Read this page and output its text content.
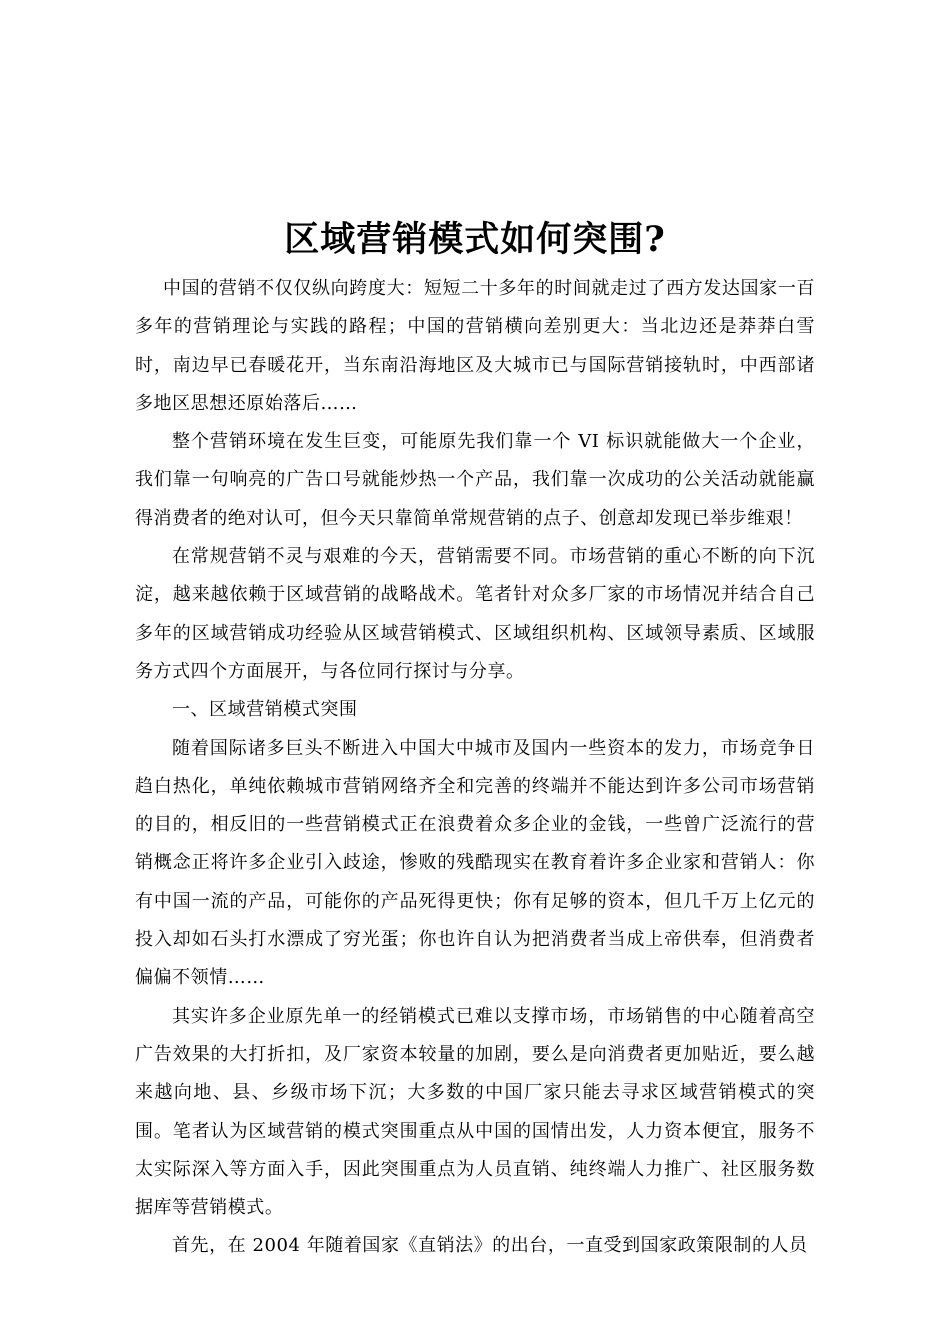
区域营销模式如何突围?

中国的营销不仅仅纵向跨度大：短短二十多年的时间就走过了西方发达国家一百多年的营销理论与实践的路程；中国的营销横向差别更大：当北边还是莽莽白雪时，南边早已春暖花开，当东南沿海地区及大城市已与国际营销接轨时，中西部诸多地区思想还原始落后……

整个营销环境在发生巨变，可能原先我们靠一个 VI 标识就能做大一个企业，我们靠一句响亮的广告口号就能炒热一个产品，我们靠一次成功的公关活动就能赢得消费者的绝对认可，但今天只靠简单常规营销的点子、创意却发现已举步维艰！

在常规营销不灵与艰难的今天，营销需要不同。市场营销的重心不断的向下沉淀，越来越依赖于区域营销的战略战术。笔者针对众多厂家的市场情况并结合自己多年的区域营销成功经验从区域营销模式、区域组织机构、区域领导素质、区域服务方式四个方面展开，与各位同行探讨与分享。

一、区域营销模式突围

随着国际诸多巨头不断进入中国大中城市及国内一些资本的发力，市场竞争日趋白热化，单纯依赖城市营销网络齐全和完善的终端并不能达到许多公司市场营销的目的，相反旧的一些营销模式正在浪费着众多企业的金钱，一些曾广泛流行的营销概念正将许多企业引入歧途，惨败的残酷现实在教育着许多企业家和营销人：你有中国一流的产品，可能你的产品死得更快；你有足够的资本，但几千万上亿元的投入却如石头打水漂成了穷光蛋；你也许自认为把消费者当成上帝供奉，但消费者偏偏不领情……

其实许多企业原先单一的经销模式已难以支撑市场，市场销售的中心随着高空广告效果的大打折扣，及厂家资本较量的加剧，要么是向消费者更加贴近，要么越来越向地、县、乡级市场下沉；大多数的中国厂家只能去寻求区域营销模式的突围。笔者认为区域营销的模式突围重点从中国的国情出发，人力资本便宜，服务不太实际深入等方面入手，因此突围重点为人员直销、纯终端人力推广、社区服务数据库等营销模式。

首先，在 2004 年随着国家《直销法》的出台，一直受到国家政策限制的人员
